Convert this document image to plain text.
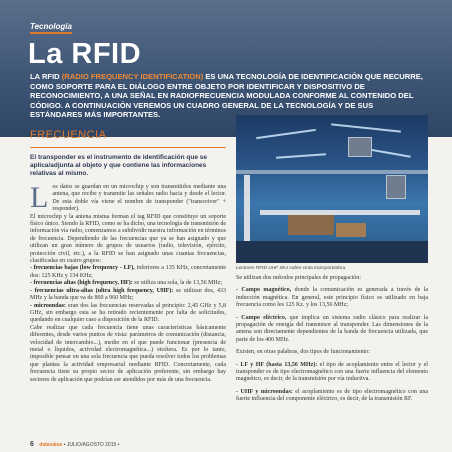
Tecnología
La RFID

LA RFID (RADIO FREQUENCY IDENTIFICATION) ES UNA TECNOLOGÍA DE IDENTIFICACIÓN QUE RECURRE, COMO SOPORTE PARA EL DIÁLOGO ENTRE OBJETO POR IDENTIFICAR Y DISPOSITIVO DE RECONOCIMIENTO, A UNA SEÑAL EN RADIOFRECUENCIA MODULADA CONFORME AL CONTENIDO DEL CÓDIGO. A CONTINUACIÓN VEREMOS UN CUADRO GENERAL DE LA TECNOLOGÍA Y DE SUS ESTÁNDARES MÁS IMPORTANTES.

FRECUENCIA

El transponder es el instrumento de identificación que se aplica/adjunta al objeto y que contiene las informaciones relativas al mismo.

Los datos se guardan en un microchip y son transmitidos mediante una antena, que recibe y transmite las señales radio hacia y desde el lector. De esta doble vía viene el nombre de transponder ("transceiver" + responder).
El microchip y la antena misma forman el tag RFID que constituye un soporte físico único. Siendo la RFID, como se ha dicho, una tecnología de transmisión de información vía radio, comenzamos a subdividir nuestra información en términos de frecuencia. Dependiendo de las frecuencias que ya se han asignado y que utilizan un gran número de grupos de usuarios (radio, televisión, ejército, protección civil, etc.), a la RFID se han asignado unas cuantas frecuencias, clasificadas en cuatro grupos:
- frecuencias bajas (low frequency - LF), inferiores a 135 KHz, concretamente dos: 125 KHz y 134 KHz;
- frecuencias altas (high frequency, HF): se utiliza una sola, la de 13,56 MHz;
- frecuencias ultra-altas (ultra high frequency, UHF): se utilizan dos, 433 MHz y la banda que va de 860 a 960 MHz;
- microondas: eran dos las frecuencias reservadas al principio: 2,45 GHz y 5,8 GHz, sin embargo esta se ha retirado recientemente por falta de solicitudes, quedando en cualquier caso a disposición de la RFID.
Cabe realizar que cada frecuencia tiene unas características básicamente diferentes, desde varios puntos de vista: parámetros de comunicación (distancia, velocidad de intercambio...), medio en el que puede funcionar (presencia de metal o líquidos, actividad electromagnética...) etcétera. Es por lo tanto, imposible pensar en una sola frecuencia que pueda resolver todos los problemas que plantea la actividad empresarial mediante RFID. Concretamente, cada frecuencia tiene su propio sector de aplicación preferente, sin embargo hay sectores de aplicación que podrían ser atendidos por más de una frecuencia.

Lectores RFID UHF SkA sobre cinta transportadora.

Se utilizan dos métodos principales de propagación:

- Campo magnético, donde la comunicación es generada a través de la inducción magnética. En general, este principio físico es utilizado en baja frecuencia como les 125 Kz. y los 13,56 MHz;

- Campo eléctrico, que implica un sistema radio clásico para realizar la propagación de energía del transmisor al transponder. Las dimensiones de la antena son directamente dependientes de la banda de frecuencia utilizada, que parte de los 400 MHz.

Existen, en otras palabras, dos tipos de funcionamiento:

- LF y HF (hasta 13,56 MHz): el tipo de acoplamiento entre el lector y el transponder es de tipo electromagnético con una fuerte influencia del elemento magnético, es decir, de la transmisión por vía inductiva.

- UHF y microondas: el acoplamiento es de tipo electromagnético con una fuerte influencia del componente eléctrico, es decir, de la transmisión RF.

6 datavalue • JULIO/AGOSTO 2015 •
